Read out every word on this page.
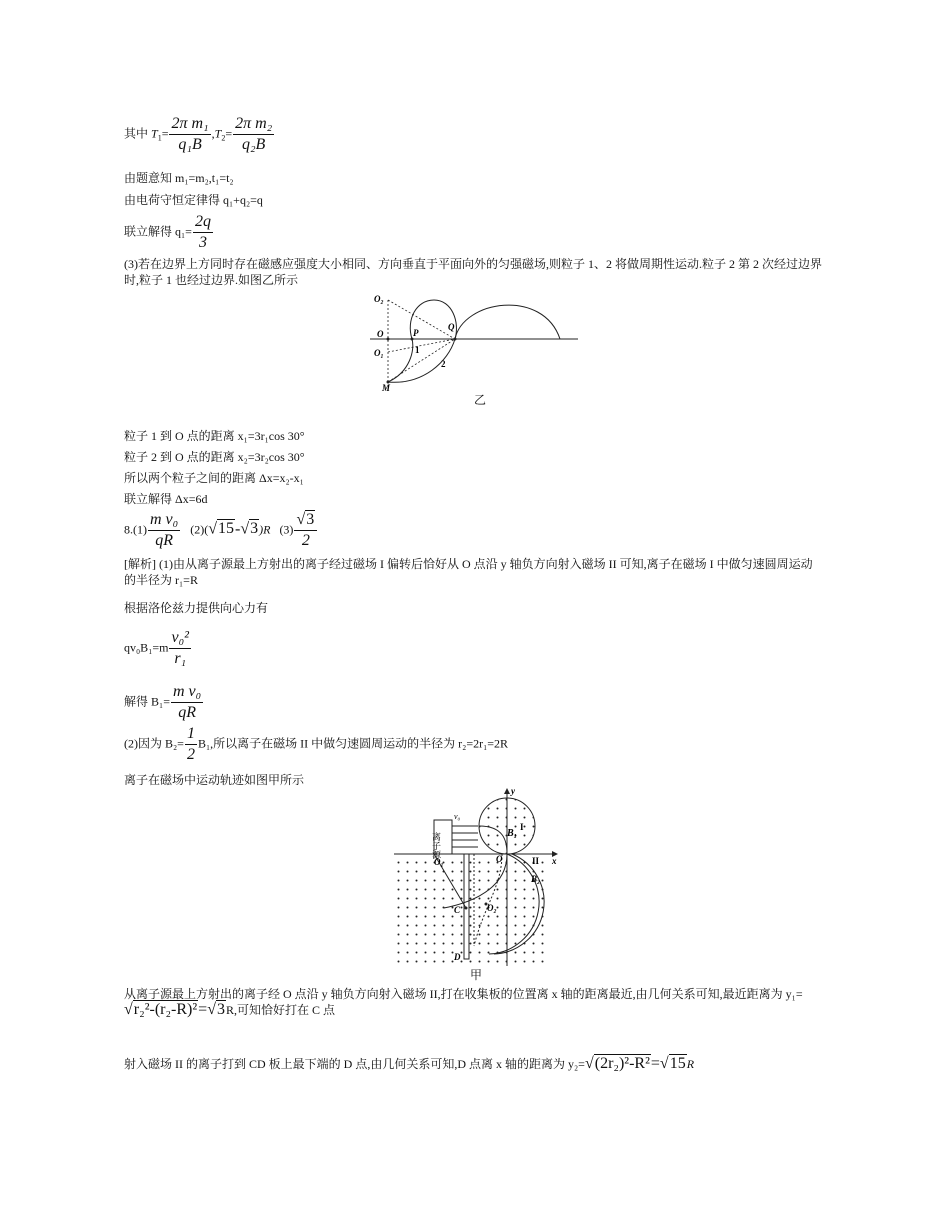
其中 $T_1= \frac{\text{2π m₁}}{\text{q₁B}} ,T_2= \frac{\text{2π m₂}}{\text{q₂B}}$
由题意知 m₁=m₂,t₁=t₂
由电荷守恒定律得 q₁+q₂=q
联立解得 $q_1= \frac{2q}{3}$
(3)若在边界上方同时存在磁感应强度大小相同、方向垂直于平面向外的匀强磁场,则粒子 1、2 将做周期性运动.粒子 2 第 2 次经过边界时,粒子 1 也经过边界.如图乙所示
O₂
O
O₁
P
Q
M
1
2
乙
粒子 1 到 O 点的距离 x₁=3r₁cos 30°
粒子 2 到 O 点的距离 x₂=3r₂cos 30°
所以两个粒子之间的距离 Δx=x₂-x₁
联立解得 Δx=6d
$8.(1) \frac{\text{m v₀}}{qR} (2)(√15-√3)R$ $(3) \frac{√3}{2}$
[解析] (1)由从离子源最上方射出的离子经过磁场 I 偏转后恰好从 O 点沿 y 轴负方向射入磁场 II 可知,离子在磁场 I 中做匀速圆周运动的半径为 r₁=R
根据洛伦兹力提供向心力有
$qv_0B_1=m \frac{\text{v₀²}}{\text{r₁}}$
解得 $B_1= \frac{\text{m v₀}}{qR}$
(2)因为 $B_2= \frac{1}{2} B_1$,所以离子在磁场 II 中做匀速圆周运动的半径为 r₂=2r₁=2R
离子在磁场中运动轨迹如图甲所示
y
x
v₀
离子源
O₁	O
O₂
C
D
B₁
I
II
B₂
甲
从离子源最上方射出的离子经 O 点沿 y 轴负方向射入磁场 II,打在收集板的位置离 x 轴的距离最近,由几何关系可知,最近距离为 y₁=
√r₂²-(r₂-R)²=√3R,可知恰好打在 C 点
射入磁场 II 的离子打到 CD 板上最下端的 D 点,由几何关系可知,D 点离 x 轴的距离为 y₂=√(2r₂)²-R²=√15R
